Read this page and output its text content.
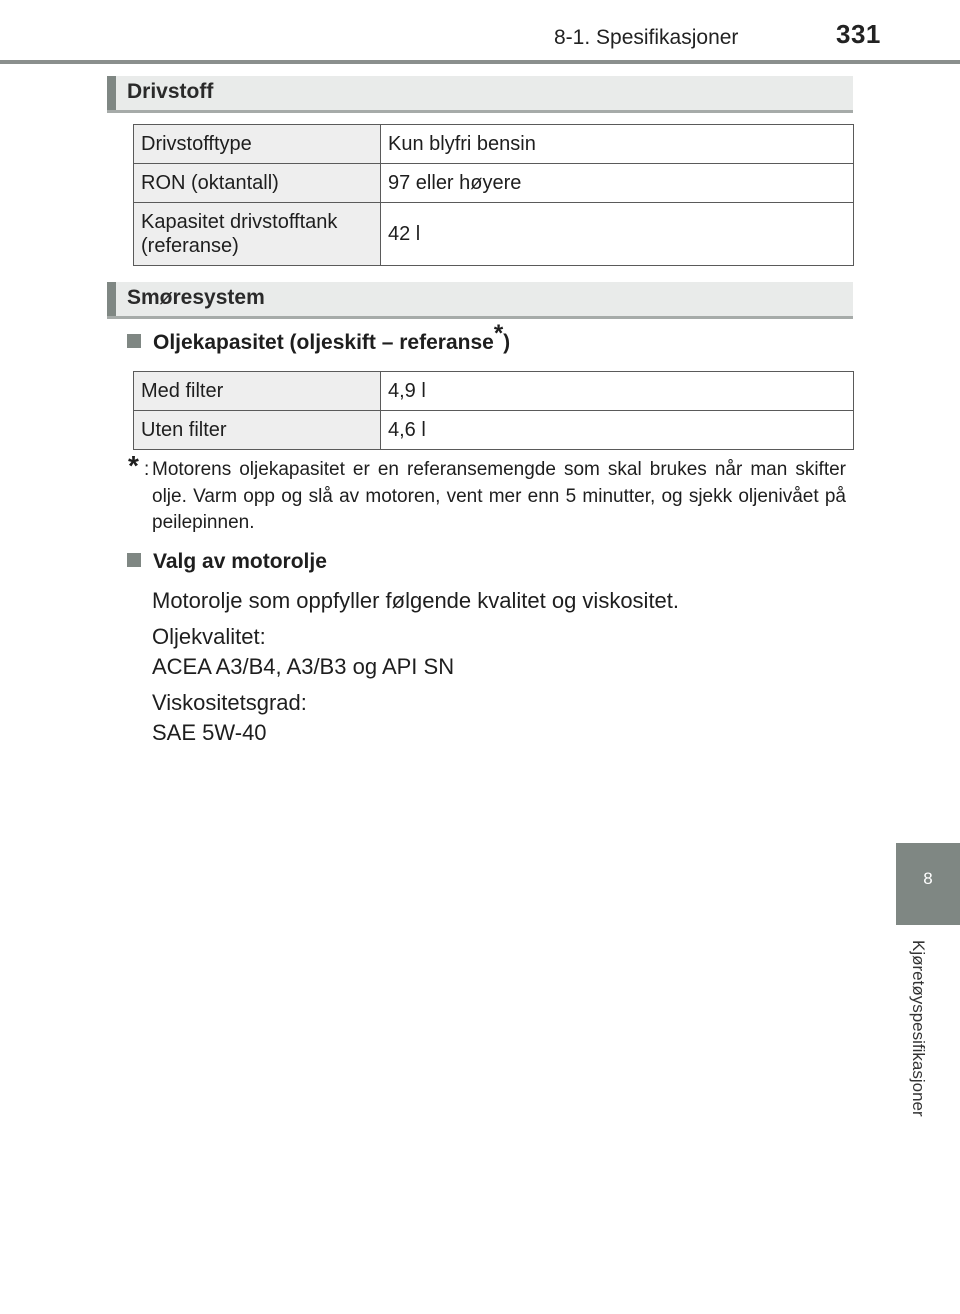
8-1. Spesifikasjoner	331
8
Kjøretøyspesifikasjoner
Drivstoff
Drivstofftype	Kun blyfri bensin
RON (oktantall)	97 eller høyere
Kapasitet drivstofftank (referanse)	42 l
Smøresystem
Oljekapasitet (oljeskift – referanse*)
Med filter	4,9 l
Uten filter	4,6 l
* : Motorens oljekapasitet er en referansemengde som skal brukes når man skifter olje. Varm opp og slå av motoren, vent mer enn 5 minutter, og sjekk oljenivået på peilepinnen.
Valg av motorolje
Motorolje som oppfyller følgende kvalitet og viskositet.
Oljekvalitet:
ACEA A3/B4, A3/B3 og API SN
Viskositetsgrad:
SAE 5W-40
